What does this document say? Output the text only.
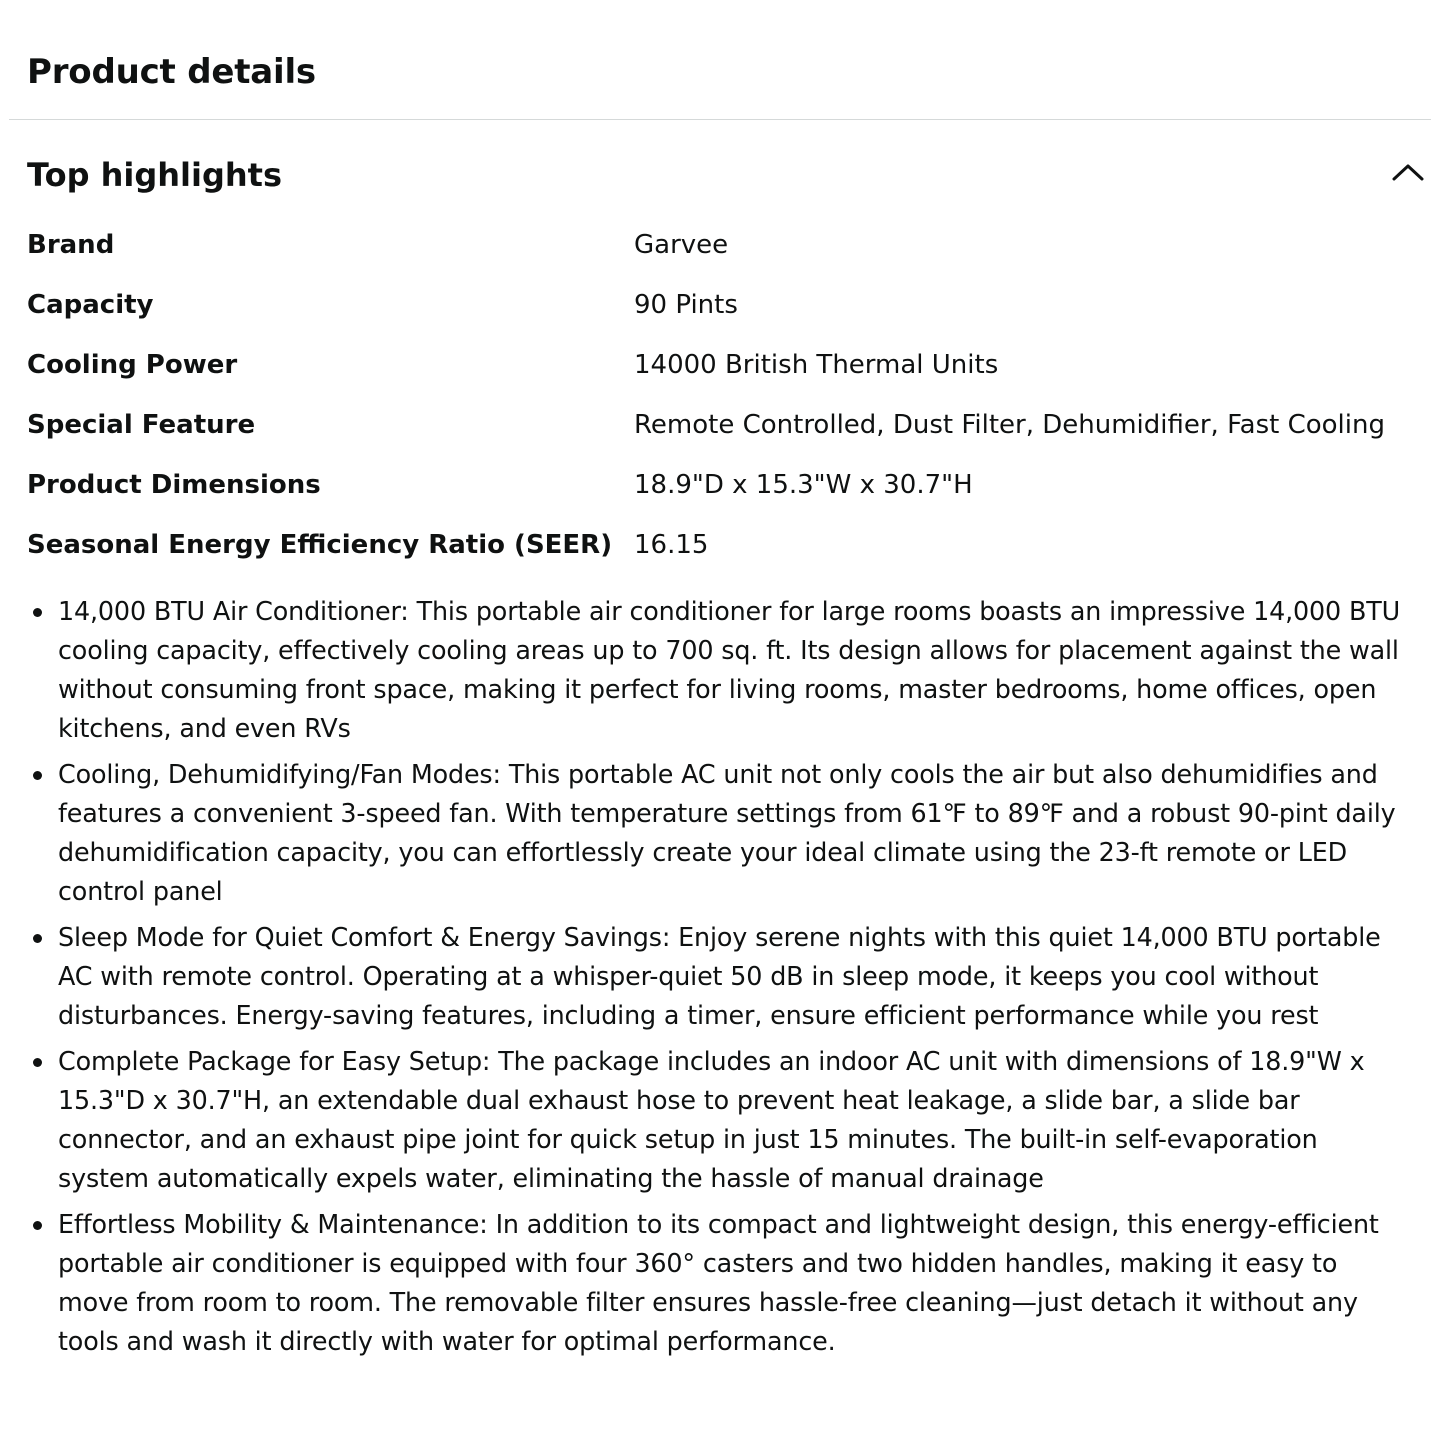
Product details
Top highlights
Brand	Garvee
Capacity	90 Pints
Cooling Power	14000 British Thermal Units
Special Feature	Remote Controlled, Dust Filter, Dehumidifier, Fast Cooling
Product Dimensions	18.9"D x 15.3"W x 30.7"H
Seasonal Energy Efficiency Ratio (SEER)	16.15
14,000 BTU Air Conditioner: This portable air conditioner for large rooms boasts an impressive 14,000 BTU cooling capacity, effectively cooling areas up to 700 sq. ft. Its design allows for placement against the wall without consuming front space, making it perfect for living rooms, master bedrooms, home offices, open kitchens, and even RVs
Cooling, Dehumidifying/Fan Modes: This portable AC unit not only cools the air but also dehumidifies and features a convenient 3-speed fan. With temperature settings from 61℉ to 89℉ and a robust 90-pint daily dehumidification capacity, you can effortlessly create your ideal climate using the 23-ft remote or LED control panel
Sleep Mode for Quiet Comfort & Energy Savings: Enjoy serene nights with this quiet 14,000 BTU portable AC with remote control. Operating at a whisper-quiet 50 dB in sleep mode, it keeps you cool without disturbances. Energy-saving features, including a timer, ensure efficient performance while you rest
Complete Package for Easy Setup: The package includes an indoor AC unit with dimensions of 18.9"W x 15.3"D x 30.7"H, an extendable dual exhaust hose to prevent heat leakage, a slide bar, a slide bar connector, and an exhaust pipe joint for quick setup in just 15 minutes. The built-in self-evaporation system automatically expels water, eliminating the hassle of manual drainage
Effortless Mobility & Maintenance: In addition to its compact and lightweight design, this energy-efficient portable air conditioner is equipped with four 360° casters and two hidden handles, making it easy to move from room to room. The removable filter ensures hassle-free cleaning—just detach it without any tools and wash it directly with water for optimal performance.
